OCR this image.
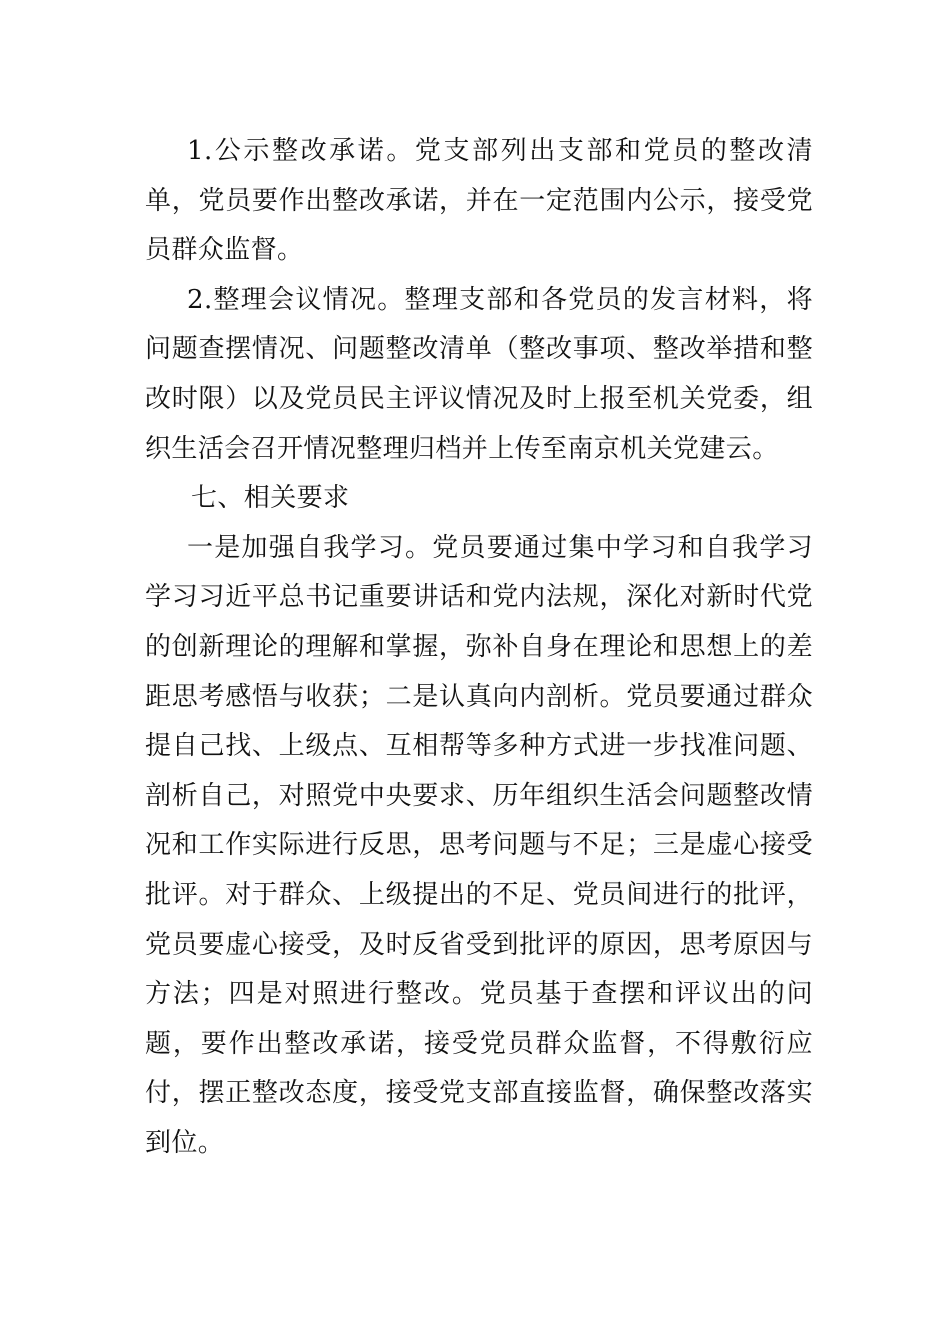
1.公示整改承诺。党支部列出支部和党员的整改清单，党员要作出整改承诺，并在一定范围内公示，接受党员群众监督。

2.整理会议情况。整理支部和各党员的发言材料，将问题查摆情况、问题整改清单（整改事项、整改举措和整改时限）以及党员民主评议情况及时上报至机关党委，组织生活会召开情况整理归档并上传至南京机关党建云。

七、相关要求

一是加强自我学习。党员要通过集中学习和自我学习学习习近平总书记重要讲话和党内法规，深化对新时代党的创新理论的理解和掌握，弥补自身在理论和思想上的差距思考感悟与收获；二是认真向内剖析。党员要通过群众提自己找、上级点、互相帮等多种方式进一步找准问题、剖析自己，对照党中央要求、历年组织生活会问题整改情况和工作实际进行反思，思考问题与不足；三是虚心接受批评。对于群众、上级提出的不足、党员间进行的批评，党员要虚心接受，及时反省受到批评的原因，思考原因与方法；四是对照进行整改。党员基于查摆和评议出的问题，要作出整改承诺，接受党员群众监督，不得敷衍应付，摆正整改态度，接受党支部直接监督，确保整改落实到位。
